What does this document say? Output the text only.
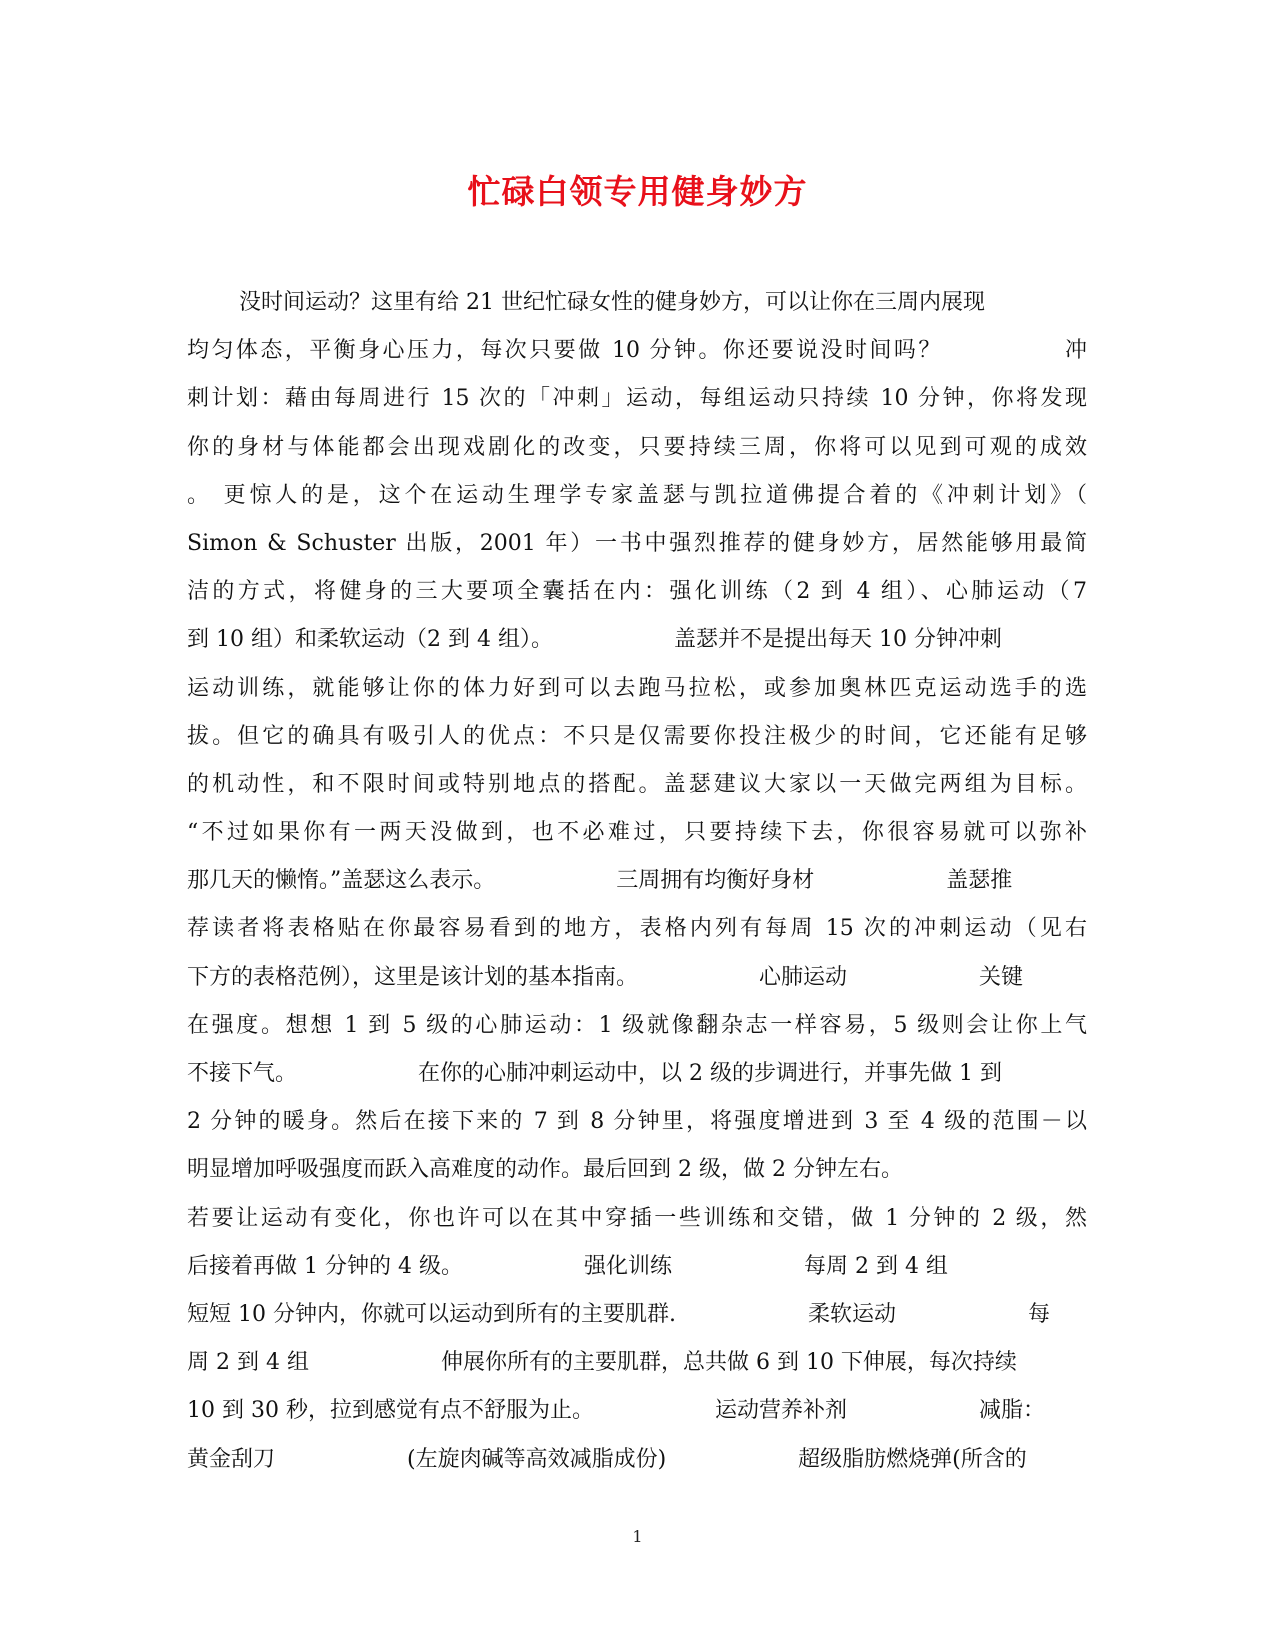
忙碌白领专用健身妙方
没时间运动？这里有给 21 世纪忙碌女性的健身妙方，可以让你在三周内展现
均匀体态，平衡身心压力，每次只要做 10 分钟。你还要说没时间吗？　　　　　冲
刺计划：藉由每周进行 15 次的「冲刺」运动，每组运动只持续 10 分钟，你将发现
你的身材与体能都会出现戏剧化的改变，只要持续三周，你将可以见到可观的成效
。 更惊人的是，这个在运动生理学专家盖瑟与凯拉道佛提合着的《冲刺计划》（
Simon & Schuster 出版，2001 年）一书中强烈推荐的健身妙方，居然能够用最简
洁的方式，将健身的三大要项全囊括在内：强化训练（2 到 4 组）、心肺运动（7
到 10 组）和柔软运动（2 到 4 组）。　　　　　　盖瑟并不是提出每天 10 分钟冲刺
运动训练，就能够让你的体力好到可以去跑马拉松，或参加奥林匹克运动选手的选
拔。但它的确具有吸引人的优点：不只是仅需要你投注极少的时间，它还能有足够
的机动性，和不限时间或特别地点的搭配。盖瑟建议大家以一天做完两组为目标。
“不过如果你有一两天没做到，也不必难过，只要持续下去，你很容易就可以弥补
那几天的懒惰。”盖瑟这么表示。　　　　　　三周拥有均衡好身材　　　　　　盖瑟推
荐读者将表格贴在你最容易看到的地方，表格内列有每周 15 次的冲刺运动（见右
下方的表格范例），这里是该计划的基本指南。　　　　　　心肺运动　　　　　　关键
在强度。想想 1 到 5 级的心肺运动：1 级就像翻杂志一样容易，5 级则会让你上气
不接下气。　　　　　　在你的心肺冲刺运动中，以 2 级的步调进行，并事先做 1 到
2 分钟的暖身。然后在接下来的 7 到 8 分钟里，将强度增进到 3 至 4 级的范围－以
明显增加呼吸强度而跃入高难度的动作。最后回到 2 级，做 2 分钟左右。
若要让运动有变化，你也许可以在其中穿插一些训练和交错，做 1 分钟的 2 级，然
后接着再做 1 分钟的 4 级。　　　　　　强化训练　　　　　　每周 2 到 4 组
短短 10 分钟内，你就可以运动到所有的主要肌群.　　　　　　柔软运动　　　　　　每
周 2 到 4 组　　　　　　伸展你所有的主要肌群，总共做 6 到 10 下伸展，每次持续
10 到 30 秒，拉到感觉有点不舒服为止。　　　　　　运动营养补剂　　　　　　减脂：
黄金刮刀　　　　　　(左旋肉碱等高效减脂成份)　　　　　　超级脂肪燃烧弹(所含的
1
